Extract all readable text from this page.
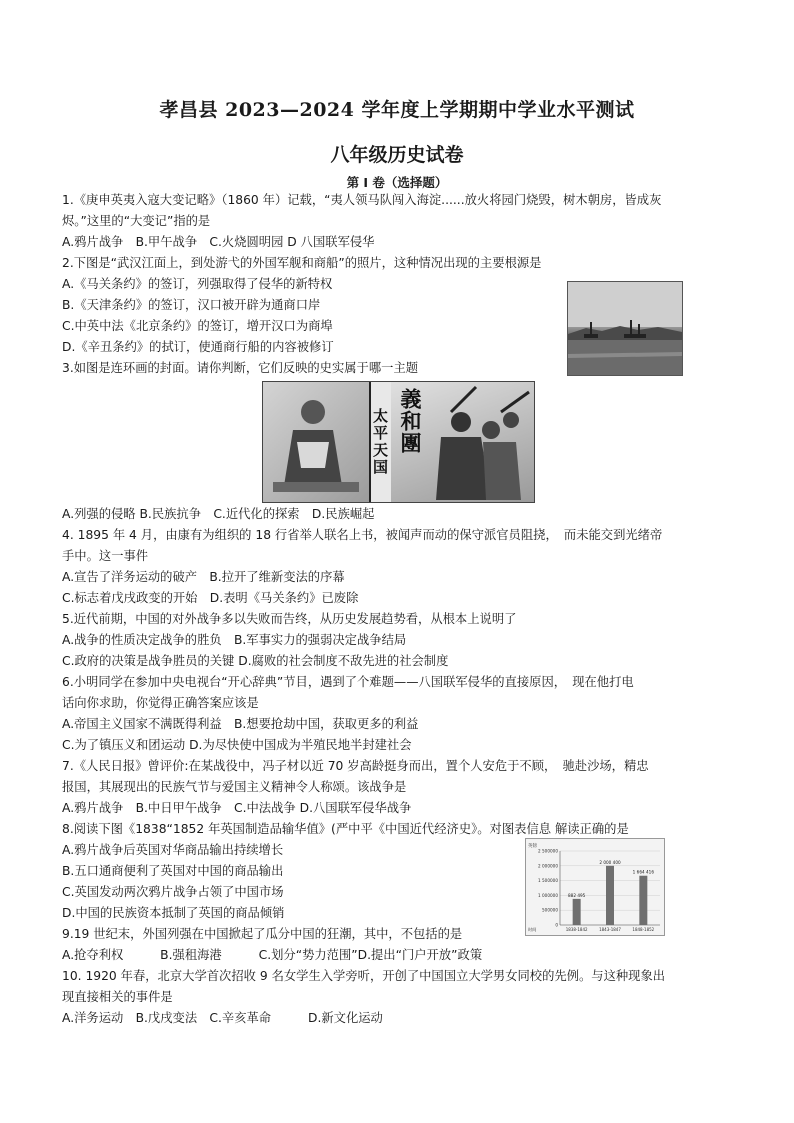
孝昌县 2023—2024 学年度上学期期中学业水平测试
八年级历史试卷
第 I 卷（选择题）
1.《庚申英夷入寇大变记略》（1860 年）记载，“夷人领马队闯入海淀......放火将园门烧毁，树木朝房，皆成灰
烬。”这里的“大变记”指的是
A.鸦片战争　B.甲午战争　C.火烧圆明园 D 八国联军侵华
2.下图是“武汉江面上，到处游弋的外国军舰和商船”的照片，这种情况出现的主要根源是
A.《马关条约》的签订，列强取得了侵华的新特权
B.《天津条约》的签订，汉口被开辟为通商口岸
C.中英中法《北京条约》的签订，增开汉口为商埠
D.《辛丑条约》的拭订，使通商行船的内容被修订
3.如图是连环画的封面。请你判断，它们反映的史实属于哪一主题
A.列强的侵略 B.民族抗争　C.近代化的探索　D.民族崛起
4. 1895 年 4 月，由康有为组织的 18 行省举人联名上书，被闻声而动的保守派官员阻挠，　而未能交到光绪帝
手中。这一事件
A.宣告了洋务运动的破产　B.拉开了维新变法的序幕
C.标志着戊戌政变的开始　D.表明《马关条约》已废除
5.近代前期，中国的对外战争多以失败而告终，从历史发展趋势看，从根本上说明了
A.战争的性质决定战争的胜负　B.军事实力的强弱决定战争结局
C.政府的决策是战争胜员的关键 D.腐败的社会制度不敌先进的社会制度
6.小明同学在参加中央电视台“开心辞典”节目，遇到了个难题——八国联军侵华的直接原因，　现在他打电
话向你求助，你觉得正确答案应该是
A.帝国主义国家不满既得利益　B.想要抢劫中国，获取更多的利益
C.为了镇压义和团运动 D.为尽快使中国成为半殖民地半封建社会
7.《人民日报》曾评价:在某战役中，冯子材以近 70 岁高龄挺身而出，置个人安危于不顾，　驰赴沙场，精忠
报国，其展现出的民族气节与爱国主义精神令人称颂。该战争是
A.鸦片战争　B.中日甲午战争　C.中法战争 D.八国联军侵华战争
8.阅读下图《1838“1852 年英国制造品输华值》(严中平《中国近代经济史》。对图表信息 解读正确的是
A.鸦片战争后英国对华商品输出持续增长
B.五口通商便利了英国对中国的商品输出
C.英国发动两次鸦片战争占领了中国市场
D.中国的民族资本抵制了英国的商品倾销
9.19 世纪末，外国列强在中国掀起了瓜分中国的狂潮，其中，不包括的是
A.抢夺利权　　　B.强租海港　　　C.划分“势力范围”D.提出“门户开放”政策
10. 1920 年春，北京大学首次招收 9 名女学生入学旁听，开创了中国国立大学男女同校的先例。与这种现象出
现直接相关的事件是
A.洋务运动　B.戊戌变法　C.辛亥革命　　　D.新文化运动
太平天国 義和團
英镑
2 500000
2 000000
1 500000
1 000000
500000
0
时间
882 495
1838-1842
2 000 400
1843-1847
1 664 416
1848-1852
